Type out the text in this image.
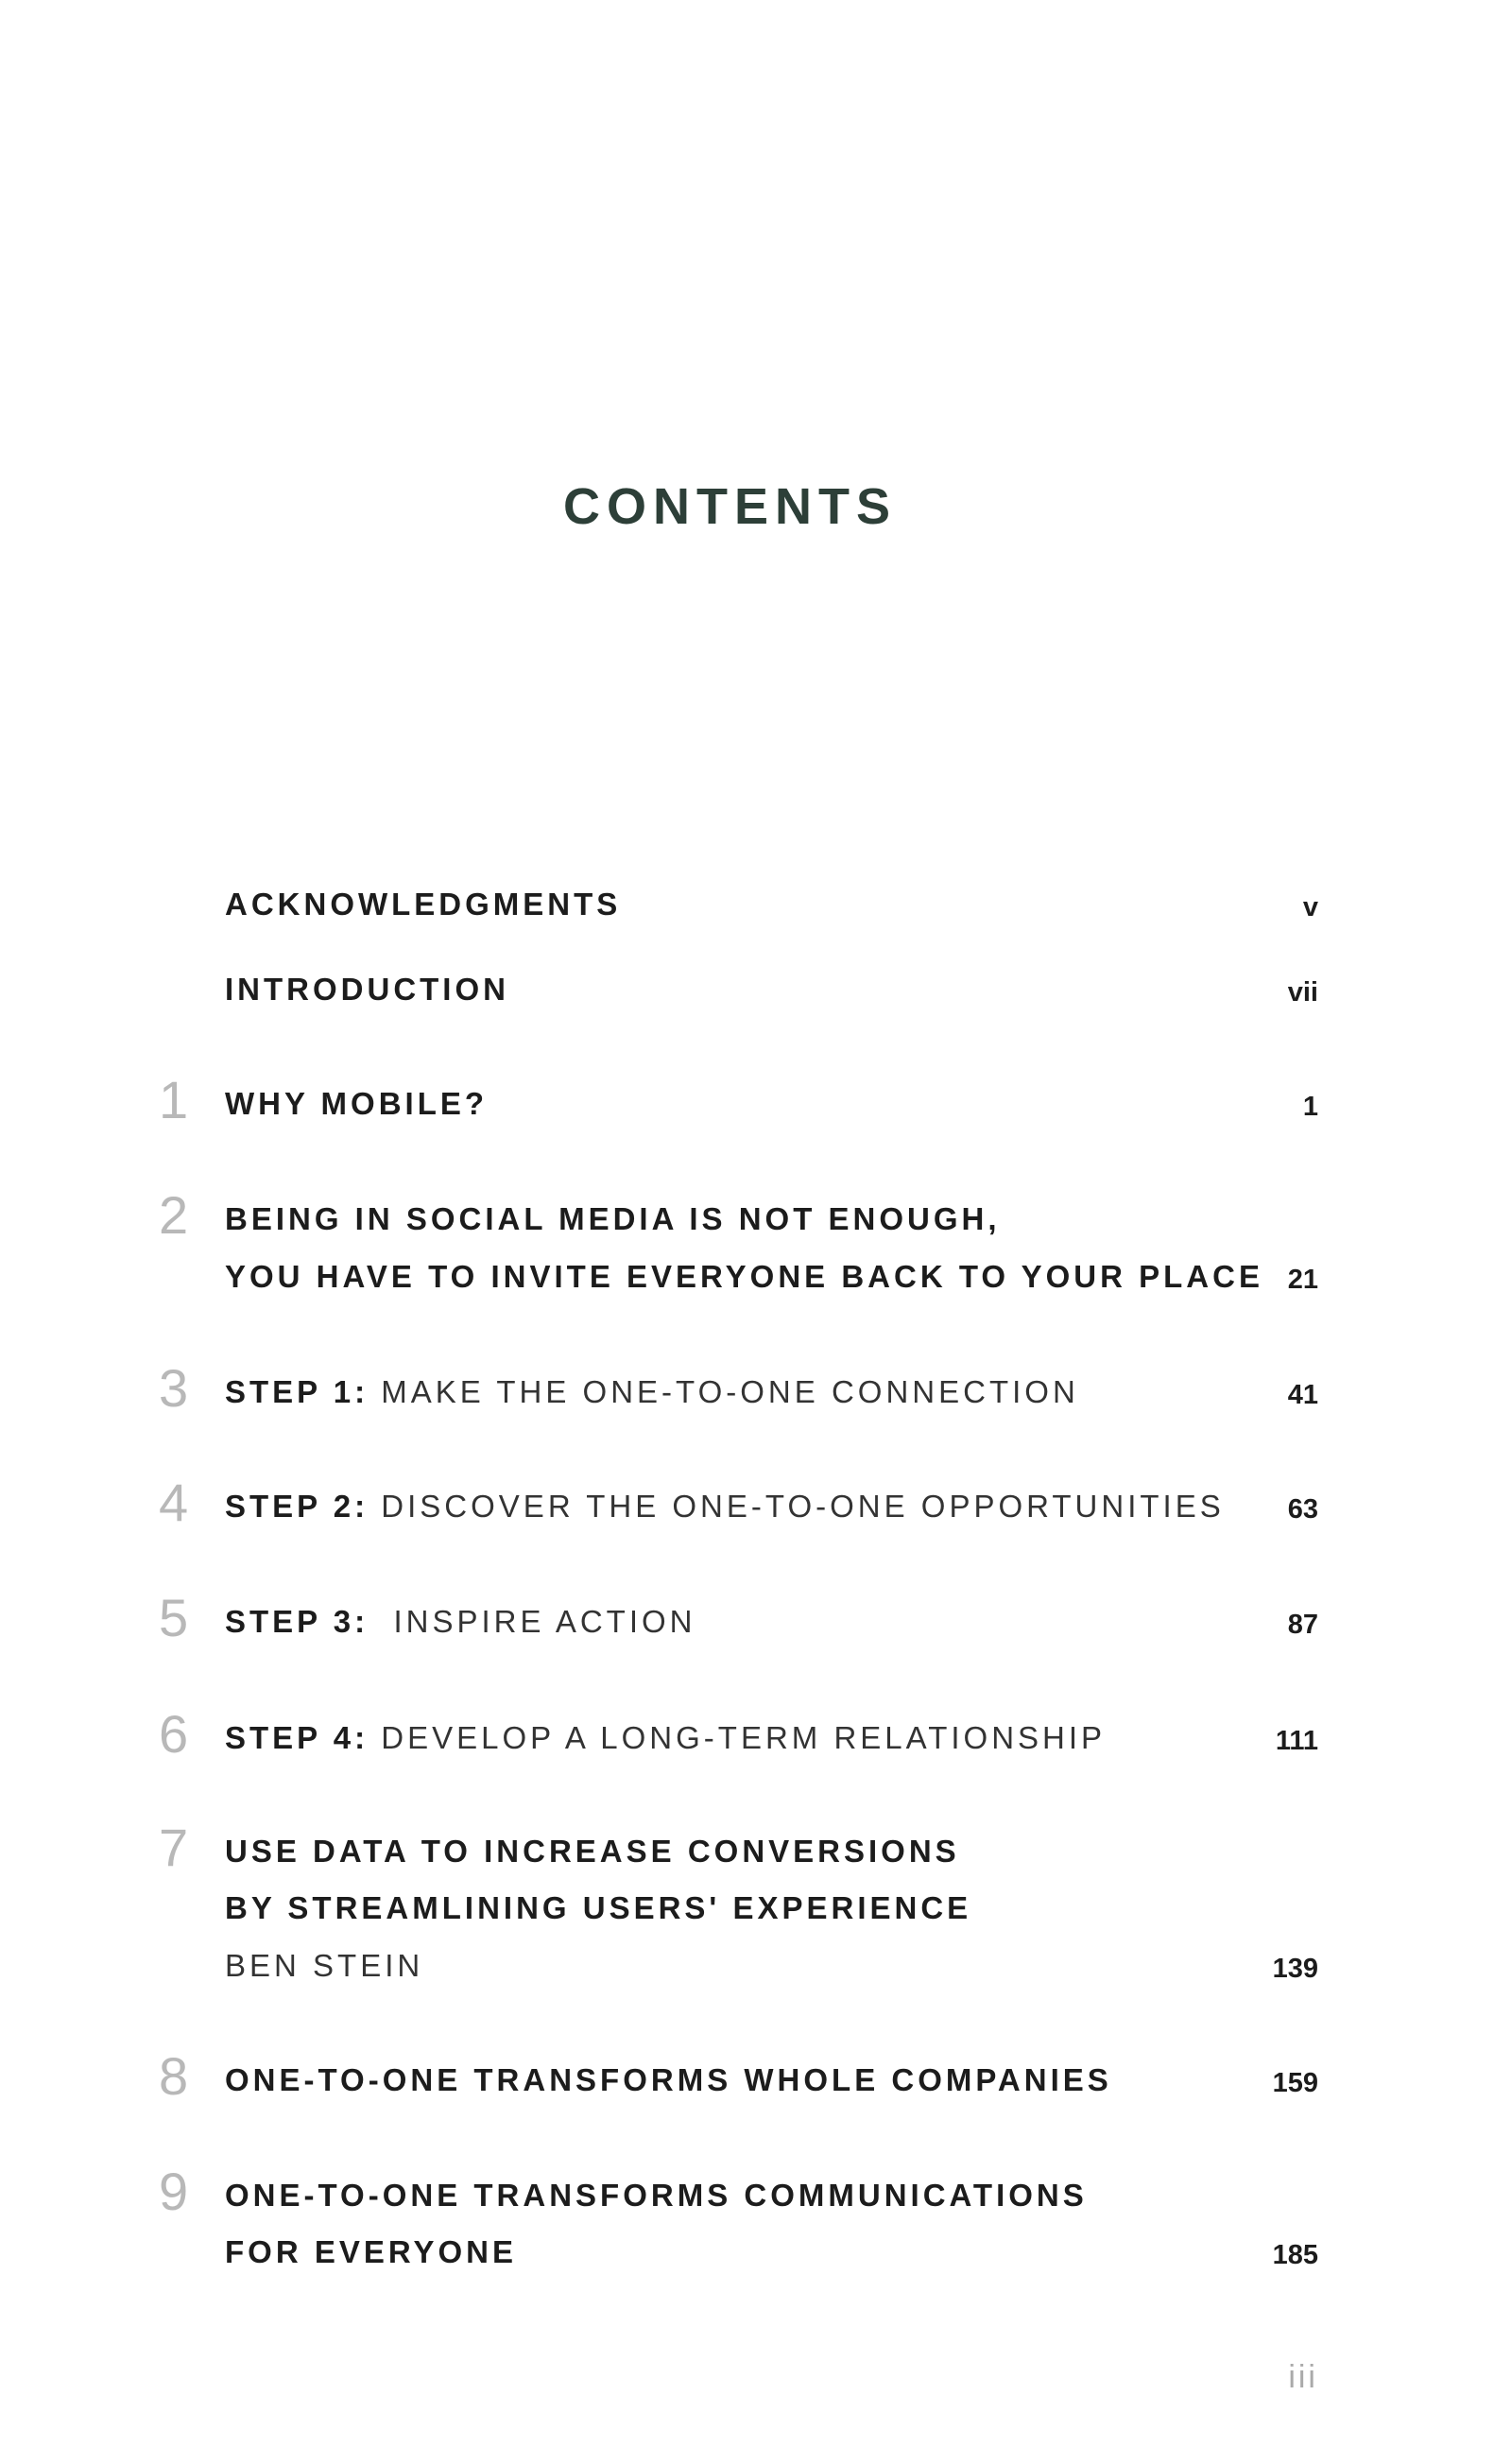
CONTENTS
ACKNOWLEDGMENTS	v
INTRODUCTION	vii
1 WHY MOBILE?	1
2 BEING IN SOCIAL MEDIA IS NOT ENOUGH,
YOU HAVE TO INVITE EVERYONE BACK TO YOUR PLACE 21
3 STEP 1: MAKE THE ONE-TO-ONE CONNECTION	41
4 STEP 2: DISCOVER THE ONE-TO-ONE OPPORTUNITIES 63
5 STEP 3: INSPIRE ACTION	87
6 STEP 4: DEVELOP A LONG-TERM RELATIONSHIP	111
7 USE DATA TO INCREASE CONVERSIONS
BY STREAMLINING USERS' EXPERIENCE
BEN STEIN	139
8 ONE-TO-ONE TRANSFORMS WHOLE COMPANIES	159
9 ONE-TO-ONE TRANSFORMS COMMUNICATIONS
FOR EVERYONE	185
iii
